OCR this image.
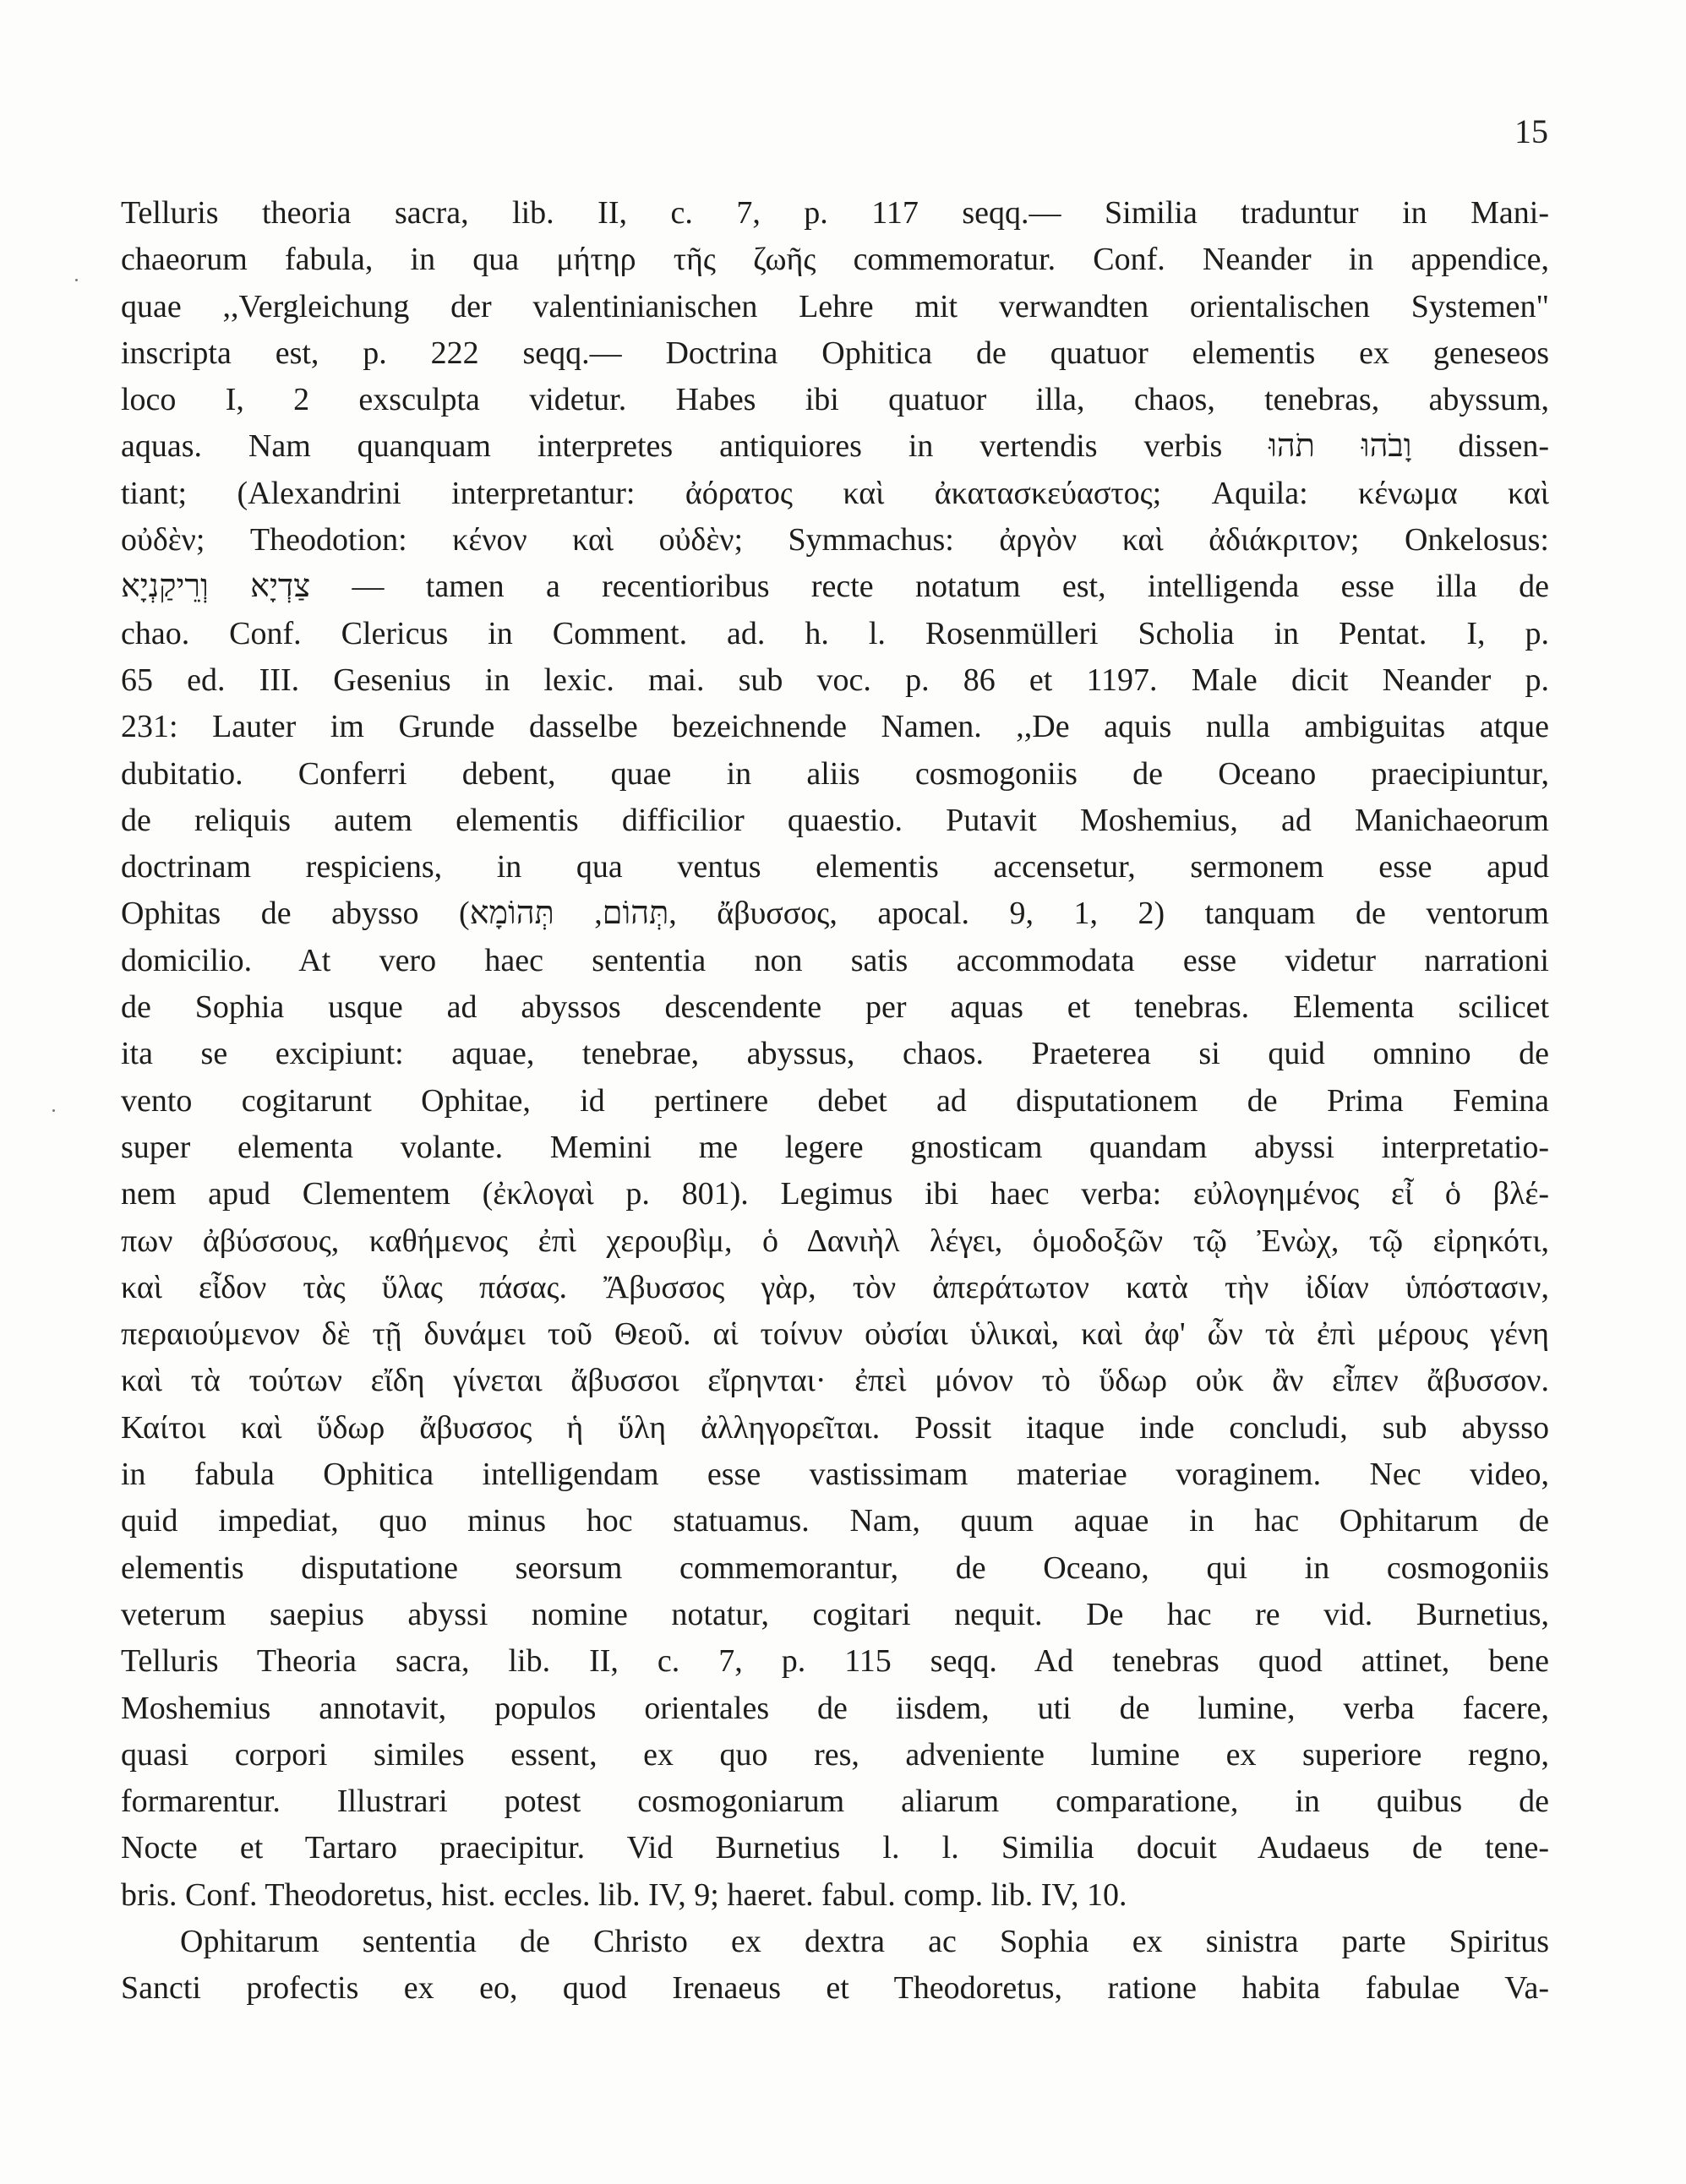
15
Telluris theoria sacra, lib. II, c. 7, p. 117 seqq.— Similia traduntur in Mani-
chaeorum fabula, in qua μήτηρ τῆς ζωῆς commemoratur. Conf. Neander in appendice,
quae ,,Vergleichung der valentinianischen Lehre mit verwandten orientalischen Systemen"
inscripta est, p. 222 seqq.— Doctrina Ophitica de quatuor elementis ex geneseos
loco I, 2 exsculpta videtur. Habes ibi quatuor illa, chaos, tenebras, abyssum,
aquas. Nam quanquam interpretes antiquiores in vertendis verbis וָבֹהוּ תֹהוּ dissen-
tiant; (Alexandrini interpretantur: ἀόρατος καὶ ἀκατασκεύαστος; Aquila: κένωμα καὶ
οὐδὲν; Theodotion: κένον καὶ οὐδὲν; Symmachus: ἀργὸν καὶ ἀδιάκριτον; Onkelosus:
צַדְיָא וְרֵיקַנְיָא — tamen a recentioribus recte notatum est, intelligenda esse illa de
chao. Conf. Clericus in Comment. ad. h. l. Rosenmülleri Scholia in Pentat. I, p.
65 ed. III. Gesenius in lexic. mai. sub voc. p. 86 et 1197. Male dicit Neander p.
231: Lauter im Grunde dasselbe bezeichnende Namen. ,,De aquis nulla ambiguitas atque
dubitatio. Conferri debent, quae in aliis cosmogoniis de Oceano praecipiuntur,
de reliquis autem elementis difficilior quaestio. Putavit Moshemius, ad Manichaeorum
doctrinam respiciens, in qua ventus elementis accensetur, sermonem esse apud
Ophitas de abysso (תְּהוֹם, תְּהוֹמָא, ἄβυσσος, apocal. 9, 1, 2) tanquam de ventorum
domicilio. At vero haec sententia non satis accommodata esse videtur narrationi
de Sophia usque ad abyssos descendente per aquas et tenebras. Elementa scilicet
ita se excipiunt: aquae, tenebrae, abyssus, chaos. Praeterea si quid omnino de
vento cogitarunt Ophitae, id pertinere debet ad disputationem de Prima Femina
super elementa volante. Memini me legere gnosticam quandam abyssi interpretatio-
nem apud Clementem (ἐκλογαὶ p. 801). Legimus ibi haec verba: εὐλογημένος εἶ ὁ βλέ-
πων ἀβύσσους, καθήμενος ἐπὶ χερουβὶμ, ὁ Δανιὴλ λέγει, ὁμοδοξῶν τῷ Ἐνὼχ, τῷ εἰρηκότι,
καὶ εἶδον τὰς ὕλας πάσας. Ἄβυσσος γὰρ, τὸν ἀπεράτωτον κατὰ τὴν ἰδίαν ὑπόστασιν,
περαιούμενον δὲ τῇ δυνάμει τοῦ Θεοῦ. αἱ τοίνυν οὐσίαι ὑλικαὶ, καὶ ἀφ' ὧν τὰ ἐπὶ μέρους γένη
καὶ τὰ τούτων εἴδη γίνεται ἄβυσσοι εἴρηνται· ἐπεὶ μόνον τὸ ὕδωρ οὐκ ἂν εἶπεν ἄβυσσον.
Καίτοι καὶ ὕδωρ ἄβυσσος ἡ ὕλη ἀλληγορεῖται. Possit itaque inde concludi, sub abysso
in fabula Ophitica intelligendam esse vastissimam materiae voraginem. Nec video,
quid impediat, quo minus hoc statuamus. Nam, quum aquae in hac Ophitarum de
elementis disputatione seorsum commemorantur, de Oceano, qui in cosmogoniis
veterum saepius abyssi nomine notatur, cogitari nequit. De hac re vid. Burnetius,
Telluris Theoria sacra, lib. II, c. 7, p. 115 seqq. Ad tenebras quod attinet, bene
Moshemius annotavit, populos orientales de iisdem, uti de lumine, verba facere,
quasi corpori similes essent, ex quo res, adveniente lumine ex superiore regno,
formarentur. Illustrari potest cosmogoniarum aliarum comparatione, in quibus de
Nocte et Tartaro praecipitur. Vid Burnetius l. l. Similia docuit Audaeus de tene-
bris. Conf. Theodoretus, hist. eccles. lib. IV, 9; haeret. fabul. comp. lib. IV, 10.
Ophitarum sententia de Christo ex dextra ac Sophia ex sinistra parte Spiritus
Sancti profectis ex eo, quod Irenaeus et Theodoretus, ratione habita fabulae Va-
